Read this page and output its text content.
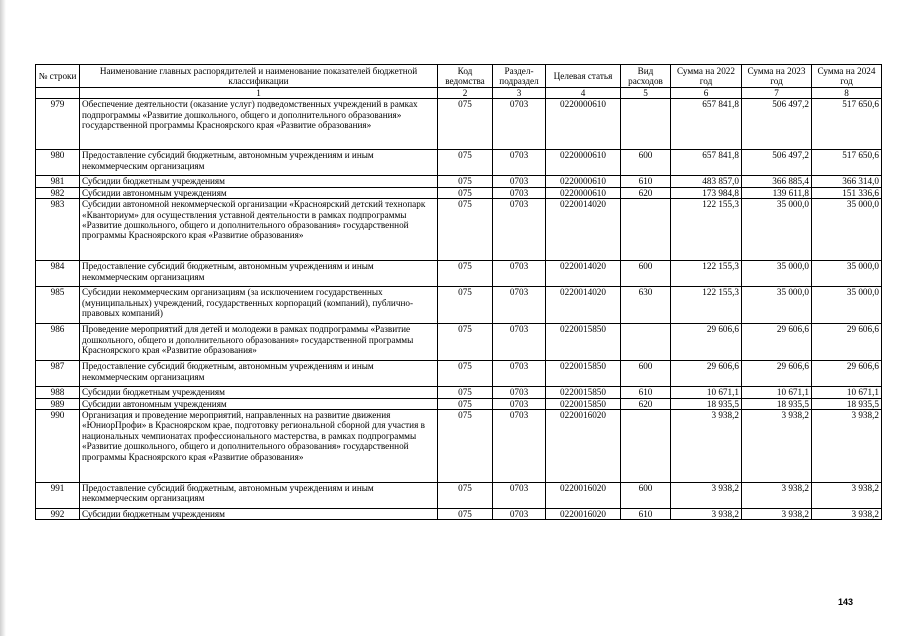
№ строки	Наименование главных распорядителей и наименование показателей бюджетной классификации	Код ведомства	Раздел-подраздел	Целевая статья	Вид расходов	Сумма на 2022 год	Сумма на 2023 год	Сумма на 2024 год
	1	2	3	4	5	6	7	8
979	Обеспечение деятельности (оказание услуг) подведомственных учреждений в рамках подпрограммы «Развитие дошкольного, общего и дополнительного образования» государственной программы Красноярского края «Развитие образования»	075	0703	0220000610		657 841,8	506 497,2	517 650,6
980	Предоставление субсидий бюджетным, автономным учреждениям и иным некоммерческим организациям	075	0703	0220000610	600	657 841,8	506 497,2	517 650,6
981	Субсидии бюджетным учреждениям	075	0703	0220000610	610	483 857,0	366 885,4	366 314,0
982	Субсидии автономным учреждениям	075	0703	0220000610	620	173 984,8	139 611,8	151 336,6
983	Субсидии автономной некоммерческой организации «Красноярский детский технопарк «Кванториум» для осуществления уставной деятельности в рамках подпрограммы «Развитие дошкольного, общего и дополнительного образования» государственной программы Красноярского края «Развитие образования»	075	0703	0220014020		122 155,3	35 000,0	35 000,0
984	Предоставление субсидий бюджетным, автономным учреждениям и иным некоммерческим организациям	075	0703	0220014020	600	122 155,3	35 000,0	35 000,0
985	Субсидии некоммерческим организациям (за исключением государственных (муниципальных) учреждений, государственных корпораций (компаний), публично-правовых компаний)	075	0703	0220014020	630	122 155,3	35 000,0	35 000,0
986	Проведение мероприятий для детей и молодежи в рамках подпрограммы «Развитие дошкольного, общего и дополнительного образования» государственной программы Красноярского края «Развитие образования»	075	0703	0220015850		29 606,6	29 606,6	29 606,6
987	Предоставление субсидий бюджетным, автономным учреждениям и иным некоммерческим организациям	075	0703	0220015850	600	29 606,6	29 606,6	29 606,6
988	Субсидии бюджетным учреждениям	075	0703	0220015850	610	10 671,1	10 671,1	10 671,1
989	Субсидии автономным учреждениям	075	0703	0220015850	620	18 935,5	18 935,5	18 935,5
990	Организация и проведение мероприятий, направленных на развитие движения «ЮниорПрофи» в Красноярском крае, подготовку региональной сборной для участия в национальных чемпионатах профессионального мастерства, в рамках подпрограммы «Развитие дошкольного, общего и дополнительного образования» государственной программы Красноярского края «Развитие образования»	075	0703	0220016020		3 938,2	3 938,2	3 938,2
991	Предоставление субсидий бюджетным, автономным учреждениям и иным некоммерческим организациям	075	0703	0220016020	600	3 938,2	3 938,2	3 938,2
992	Субсидии бюджетным учреждениям	075	0703	0220016020	610	3 938,2	3 938,2	3 938,2
143
